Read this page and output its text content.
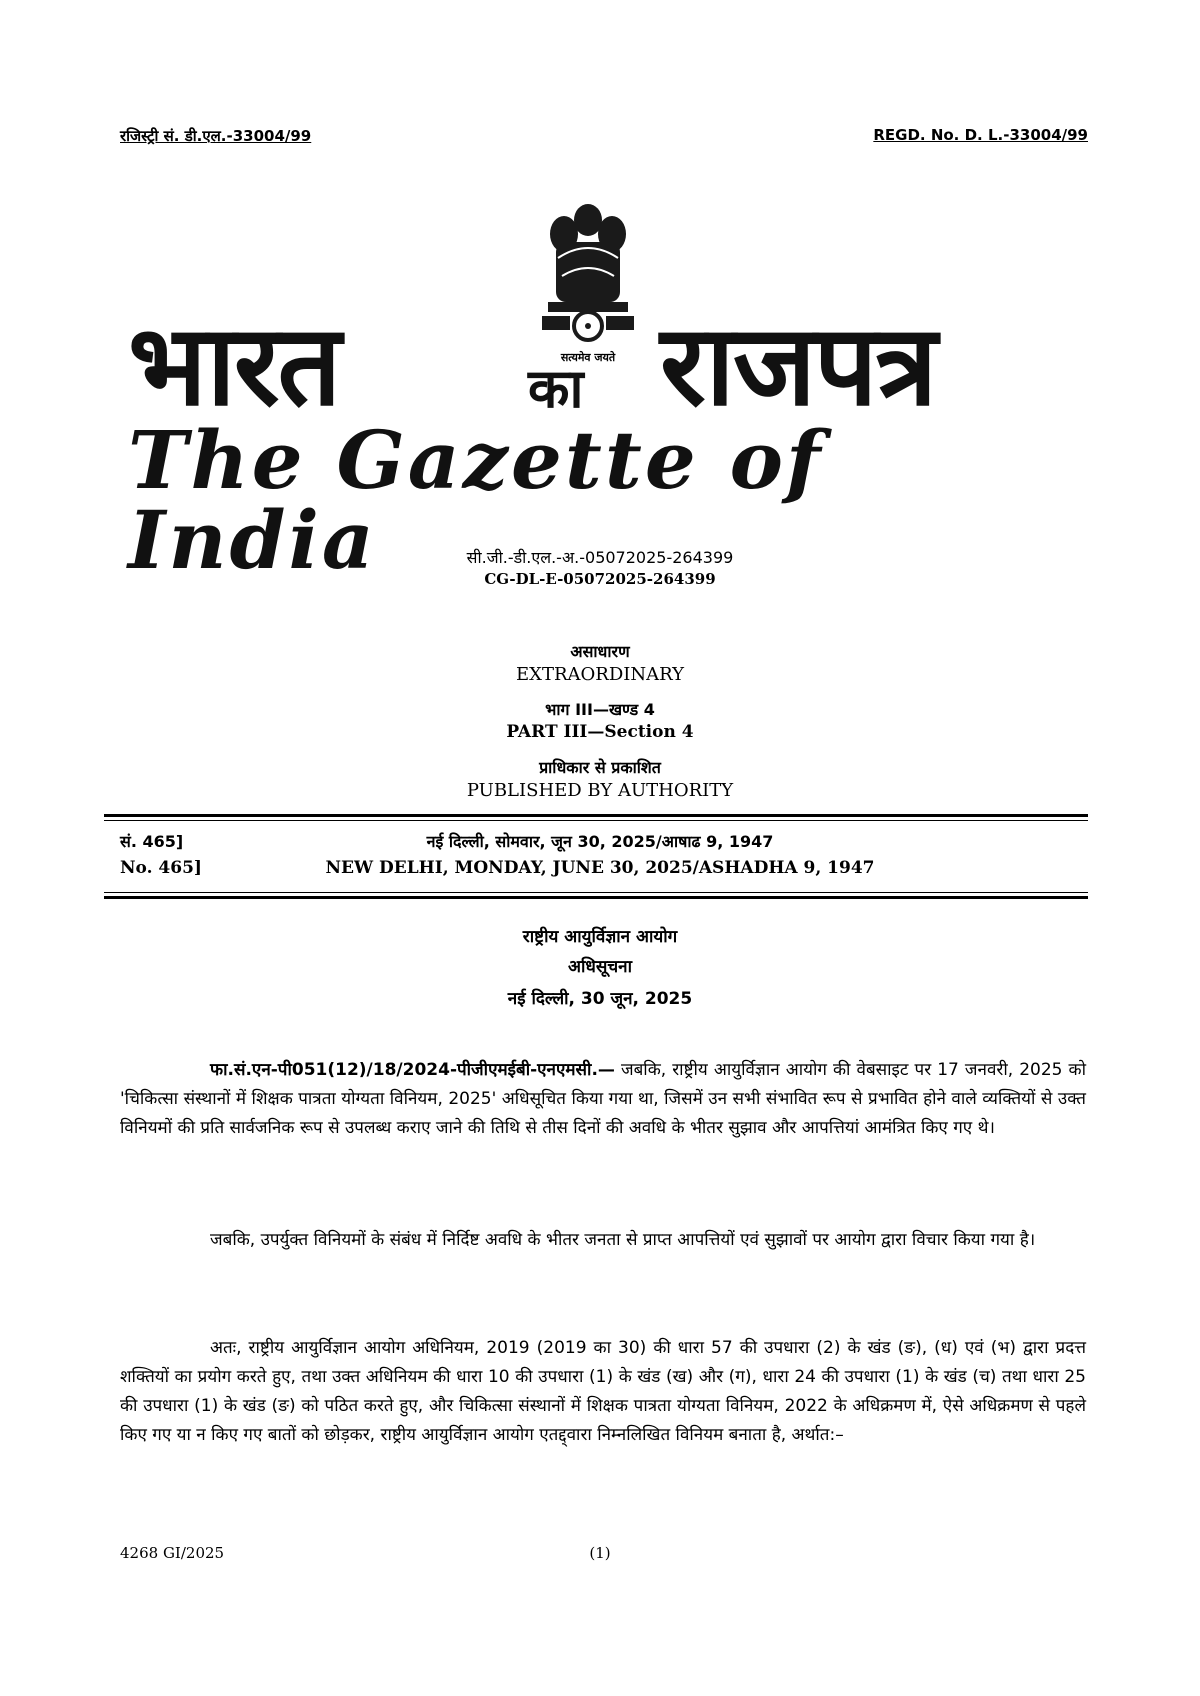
रजिस्ट्री सं. डी.एल.-33004/99	REGD. No. D. L.-33004/99
सत्यमेव जयते
भारत	का राजपत्र
The Gazette of India	सी.जी.-डी.एल.-अ.-05072025-264399
CG-DL-E-05072025-264399
असाधारण
EXTRAORDINARY
भाग III—खण्ड 4
PART III—Section 4
प्राधिकार से प्रकाशित
PUBLISHED BY AUTHORITY
सं. 465]
No. 465]
नई दिल्ली, सोमवार, जून 30, 2025/आषाढ 9, 1947
NEW DELHI, MONDAY, JUNE 30, 2025/ASHADHA 9, 1947
राष्ट्रीय आयुर्विज्ञान आयोग
अधिसूचना
नई दिल्ली, 30 जून, 2025
फा.सं.एन-पी051(12)/18/2024-पीजीएमईबी-एनएमसी.— जबकि, राष्ट्रीय आयुर्विज्ञान आयोग की वेबसाइट पर 17 जनवरी, 2025 को 'चिकित्सा संस्थानों में शिक्षक पात्रता योग्यता विनियम, 2025' अधिसूचित किया गया था, जिसमें उन सभी संभावित रूप से प्रभावित होने वाले व्यक्तियों से उक्त विनियमों की प्रति सार्वजनिक रूप से उपलब्ध कराए जाने की तिथि से तीस दिनों की अवधि के भीतर सुझाव और आपत्तियां आमंत्रित किए गए थे।
जबकि, उपर्युक्त विनियमों के संबंध में निर्दिष्ट अवधि के भीतर जनता से प्राप्त आपत्तियों एवं सुझावों पर आयोग द्वारा विचार किया गया है।
अतः, राष्ट्रीय आयुर्विज्ञान आयोग अधिनियम, 2019 (2019 का 30) की धारा 57 की उपधारा (2) के खंड (ङ), (ध) एवं (भ) द्वारा प्रदत्त शक्तियों का प्रयोग करते हुए, तथा उक्त अधिनियम की धारा 10 की उपधारा (1) के खंड (ख) और (ग), धारा 24 की उपधारा (1) के खंड (च) तथा धारा 25 की उपधारा (1) के खंड (ङ) को पठित करते हुए, और चिकित्सा संस्थानों में शिक्षक पात्रता योग्यता विनियम, 2022 के अधिक्रमण में, ऐसे अधिक्रमण से पहले किए गए या न किए गए बातों को छोड़कर, राष्ट्रीय आयुर्विज्ञान आयोग एतद्द्वारा निम्नलिखित विनियम बनाता है, अर्थात:–
4268 GI/2025	(1)
